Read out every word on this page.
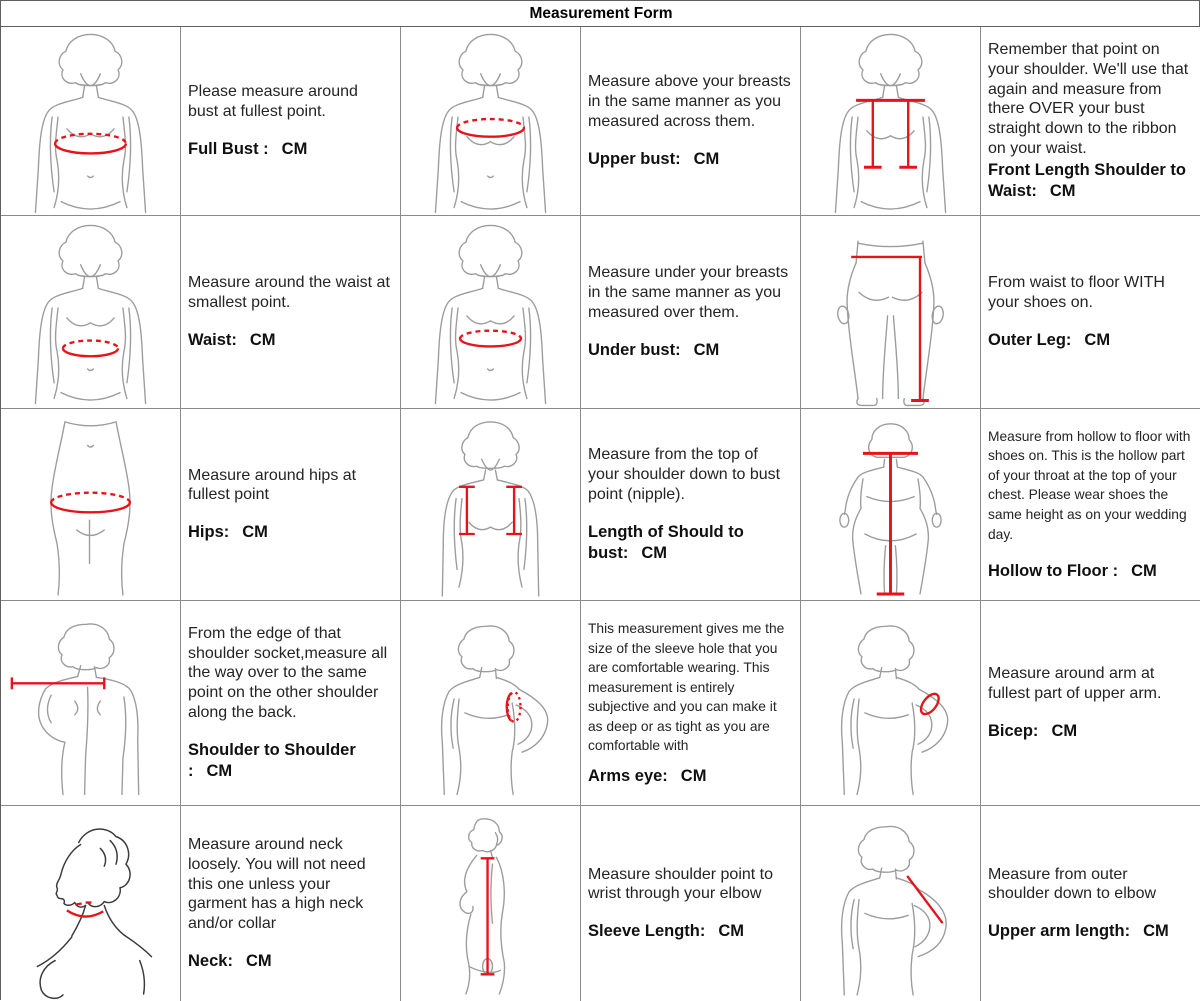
Measurement Form
Please measure around bust at fullest point.
Full Bust : CM
Measure above your breasts in the same manner as you measured across them.
Upper bust: CM
Remember that point on your shoulder. We'll use that again and measure from there OVER your bust straight down to the ribbon on your waist.
Front Length Shoulder to Waist: CM
Measure around the waist at smallest point.
Waist: CM
Measure under your breasts in the same manner as you measured over them.
Under bust: CM
From waist to floor WITH your shoes on.
Outer Leg: CM
Measure around hips at fullest point
Hips: CM
Measure from the top of your shoulder down to bust point (nipple).
Length of Should to bust: CM
Measure from hollow to floor with shoes on. This is the hollow part of your throat at the top of your chest. Please wear shoes the same height as on your wedding day.
Hollow to Floor : CM
From the edge of that shoulder socket,measure all the way over to the same point on the other shoulder along the back.
Shoulder to Shoulder : CM
This measurement gives me the size of the sleeve hole that you are comfortable wearing. This measurement is entirely subjective and you can make it as deep or as tight as you are comfortable with
Arms eye: CM
Measure around arm at fullest part of upper arm.
Bicep: CM
Measure around neck loosely. You will not need this one unless your garment has a high neck and/or collar
Neck: CM
Measure shoulder point to wrist through your elbow
Sleeve Length: CM
Measure from outer shoulder down to elbow
Upper arm length: CM
